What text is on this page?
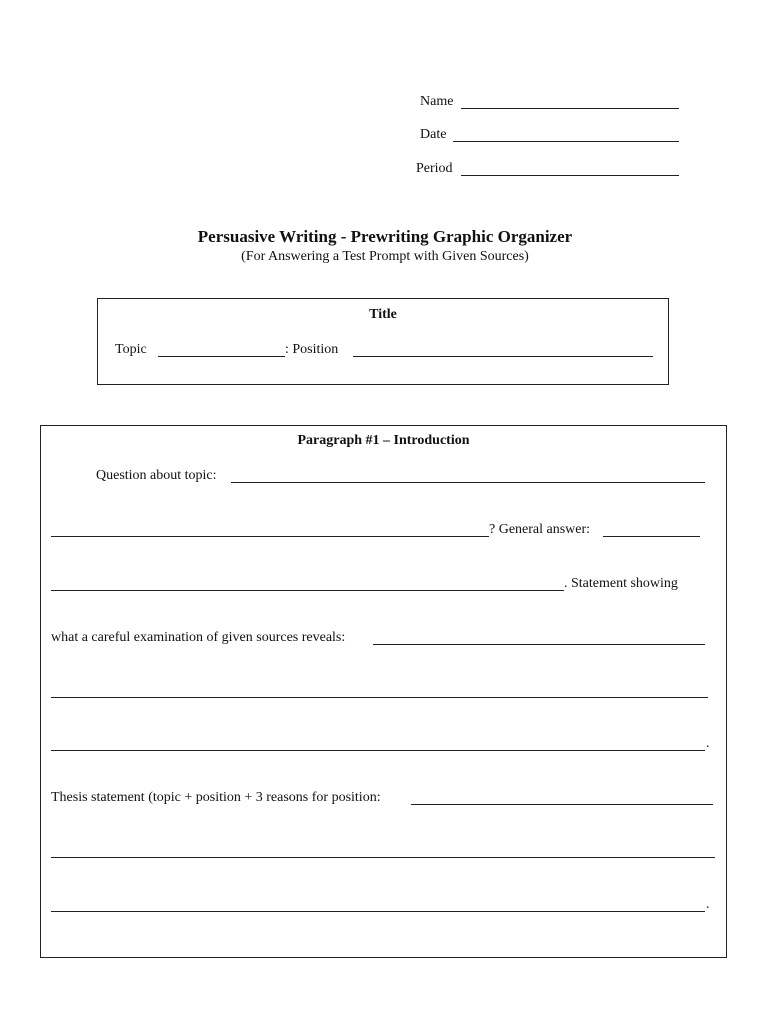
Name
Date
Period
Persuasive Writing - Prewriting Graphic Organizer
(For Answering a Test Prompt with Given Sources)
Title
Topic	: Position
Paragraph #1 – Introduction
Question about topic:
? General answer:
. Statement showing
what a careful examination of given sources reveals:
.
Thesis statement (topic + position + 3 reasons for position:
.
